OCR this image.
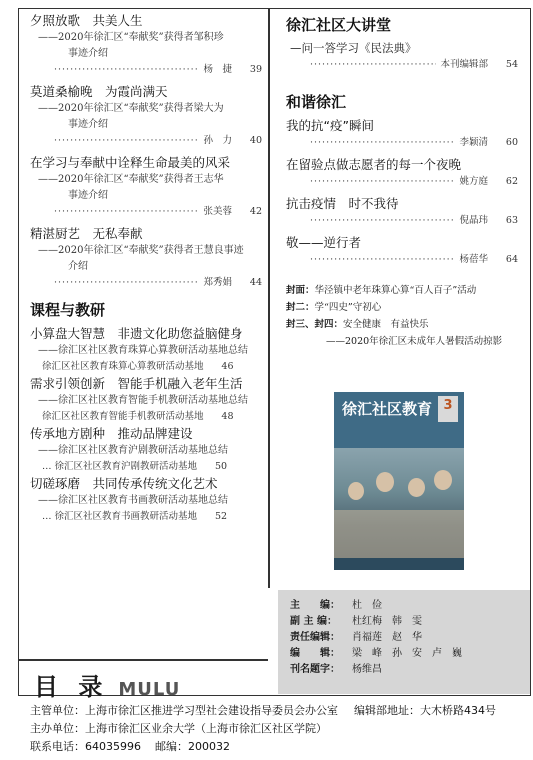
夕照放歌　共美人生
——2020年徐汇区“奉献奖”获得者邹积珍
事迹介绍
·····
杨　捷	39
莫道桑榆晚　为霞尚满天
——2020年徐汇区“奉献奖”获得者梁大为
事迹介绍
·····
孙　力	40
在学习与奉献中诠释生命最美的风采
——2020年徐汇区“奉献奖”获得者王志华
事迹介绍
·····
张美蓉	42
精湛厨艺　无私奉献
——2020年徐汇区“奉献奖”获得者王慧良事迹
介绍
·····
郑秀娟	44
课程与教研
小算盘大智慧　非遗文化助您益脑健身
——徐汇区社区教育珠算心算教研活动基地总结
徐汇区社区教育珠算心算教研活动基地	46
需求引领创新　智能手机融入老年生活
——徐汇区社区教育智能手机教研活动基地总结
徐汇区社区教育智能手机教研活动基地	48
传承地方剧种　推动品牌建设
——徐汇区社区教育沪剧教研活动基地总结
… 徐汇区社区教育沪剧教研活动基地	50
切磋琢磨　共同传承传统文化艺术
——徐汇区社区教育书画教研活动基地总结
… 徐汇区社区教育书画教研活动基地	52
徐汇社区大讲堂
—问一答学习《民法典》
·····
本刊编辑部	54
和谐徐汇
我的抗“疫”瞬间
·····
李颖清	60
在留验点做志愿者的每一个夜晚
·····
姚方庭	62
抗击疫情　时不我待
·····
倪晶玮	63
敬——逆行者
·····
杨蓓华	64
封面：华泾镇中老年珠算心算“百人百子”活动
封二：学“四史”守初心
封三、封四：安全健康　有益快乐
——2020年徐汇区未成年人暑假活动掠影
徐汇社区教育 3
主　　编： 杜　俭
副 主 编： 杜红梅　韩　雯
责任编辑： 肖福莲　赵　华
编　　辑： 梁　峰　孙　安　卢　巍
刊名题字： 杨维昌
目 录 MULU
主管单位：上海市徐汇区推进学习型社会建设指导委员会办公室 编辑部地址：大木桥路434号
主办单位：上海市徐汇区业余大学（上海市徐汇区社区学院）
联系电话：64035996 邮编：200032
